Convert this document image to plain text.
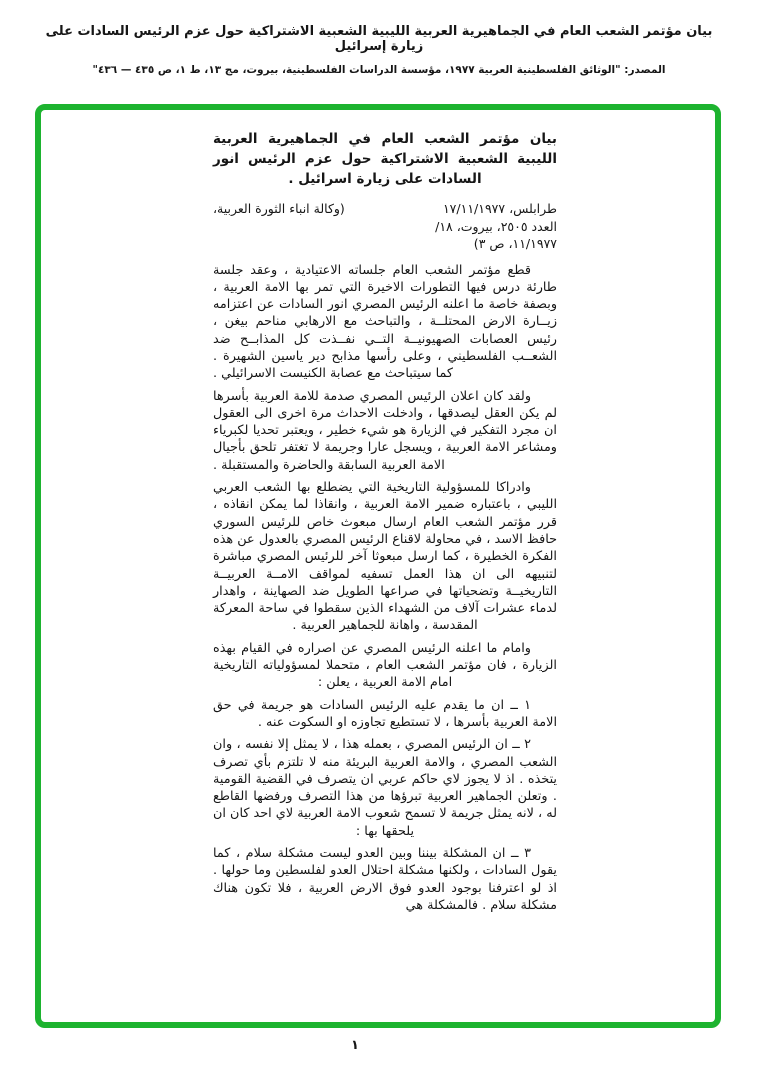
بيان مؤتمر الشعب العام في الجماهيرية العربية الليبية الشعبية الاشتراكية حول عزم الرئيس السادات على زيارة إسرائيل
المصدر: "الوثائق الفلسطينية العربية ١٩٧٧، مؤسسة الدراسات الفلسطينية، بيروت، مج ١٣، ط ١، ص ٤٣٥ — ٤٣٦"
بيان مؤتمر الشعب العام في الجماهيرية العربية الليبية الشعبية الاشتراكية حول عزم الرئيس انور السادات على زيارة اسرائيل .
طرابلس، ١٧/١١/١٩٧٧
(وكالة انباء الثورة العربية،
العدد ٢٥٠٥، بيروت، ١٨/
١١/١٩٧٧، ص ٣)

قطع مؤتمر الشعب العام جلساته الاعتيادية ، وعقد جلسة طارئة درس فيها التطورات الاخيرة التي تمر بها الامة العربية ، وبصفة خاصة ما اعلنه الرئيس المصري انور السادات عن اعتزامه زيــارة الارض المحتلــة ، والتباحث مع الارهابي مناحم بيغن ، رئيس العصابات الصهيونيــة التــي نفــذت كل المذابــح ضد الشعــب الفلسطيني ، وعلى رأسها مذابح دير ياسين الشهيرة . كما سيتباحث مع عصابة الكنيست الاسرائيلي .

ولقد كان اعلان الرئيس المصري صدمة للامة العربية بأسرها لم يكن العقل ليصدقها ، وادخلت الاحداث مرة اخرى الى العقول ان مجرد التفكير في الزيارة هو شيء خطير ، ويعتبر تحديا لكبرياء ومشاعر الامة العربية ، ويسجل عارا وجريمة لا تغتفر تلحق بأجيال الامة العربية السابقة والحاضرة والمستقبلة .

وادراكا للمسؤولية التاريخية التي يضطلع بها الشعب العربي الليبي ، باعتباره ضمير الامة العربية ، وانقاذا لما يمكن انقاذه ، قرر مؤتمر الشعب العام ارسال مبعوث خاص للرئيس السوري حافظ الاسد ، في محاولة لاقناع الرئيس المصري بالعدول عن هذه الفكرة الخطيرة ، كما ارسل مبعوثا آخر للرئيس المصري مباشرة لتنبيهه الى ان هذا العمل تسفيه لمواقف الامــة العربيــة التاريخيــة وتضحياتها في صراعها الطويل ضد الصهاينة ، واهدار لدماء عشرات آلاف من الشهداء الذين سقطوا في ساحة المعركة المقدسة ، واهانة للجماهير العربية .

وامام ما اعلنه الرئيس المصري عن اصراره في القيام بهذه الزيارة ، فان مؤتمر الشعب العام ، متحملا لمسؤولياته التاريخية امام الامة العربية ، يعلن :

١ ــ ان ما يقدم عليه الرئيس السادات هو جريمة في حق الامة العربية بأسرها ، لا تستطيع تجاوزه او السكوت عنه .

٢ ــ ان الرئيس المصري ، بعمله هذا ، لا يمثل إلا نفسه ، وان الشعب المصري ، والامة العربية البريئة منه لا تلتزم بأي تصرف يتخذه . اذ لا يجوز لاي حاكم عربي ان يتصرف في القضية القومية . وتعلن الجماهير العربية تبرؤها من هذا التصرف ورفضها القاطع له ، لانه يمثل جريمة لا تسمح شعوب الامة العربية لاي احد كان ان يلحقها بها :

٣ ــ ان المشكلة بيننا وبين العدو ليست مشكلة سلام ، كما يقول السادات ، ولكنها مشكلة احتلال العدو لفلسطين وما حولها . اذ لو اعترفنا بوجود العدو فوق الارض العربية ، فلا تكون هناك مشكلة سلام . فالمشكلة هي

١
